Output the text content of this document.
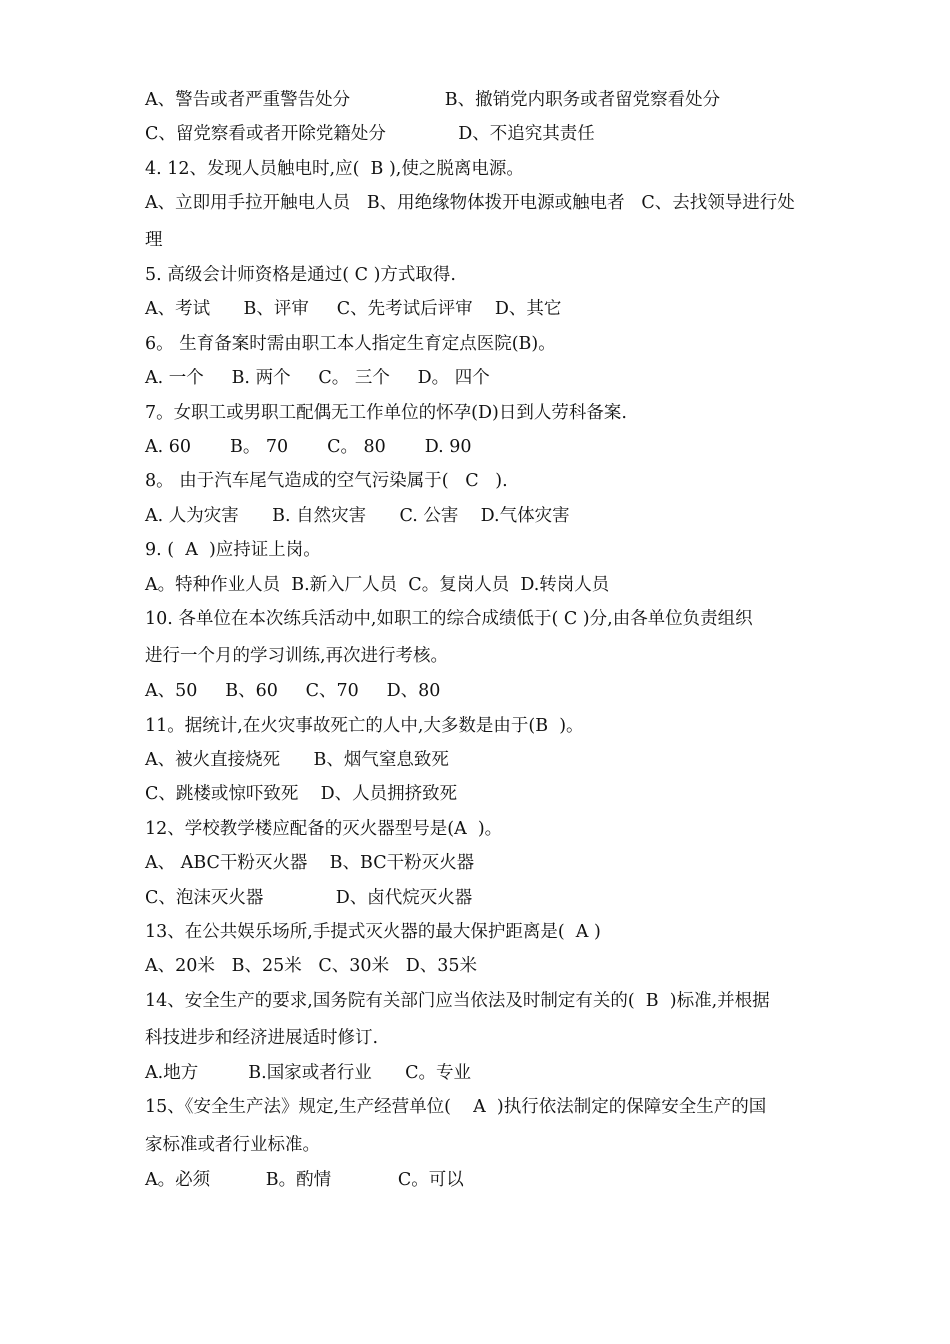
A、警告或者严重警告处分                 B、撤销党内职务或者留党察看处分
C、留党察看或者开除党籍处分             D、不追究其责任
4. 12、发现人员触电时,应(  B ),使之脱离电源。
A、立即用手拉开触电人员   B、用绝缘物体拨开电源或触电者   C、去找领导进行处
理
5. 高级会计师资格是通过( C )方式取得.
A、考试      B、评审     C、先考试后评审    D、其它
6。 生育备案时需由职工本人指定生育定点医院(B)。
A. 一个     B. 两个     C。 三个     D。 四个
7。女职工或男职工配偶无工作单位的怀孕(D)日到人劳科备案.
A. 60       B。 70       C。 80       D. 90
8。 由于汽车尾气造成的空气污染属于(   C   ).
A. 人为灾害      B. 自然灾害      C. 公害    D.气体灾害
9. (  A  )应持证上岗。
A。特种作业人员  B.新入厂人员  C。复岗人员  D.转岗人员
10. 各单位在本次练兵活动中,如职工的综合成绩低于( C )分,由各单位负责组织
进行一个月的学习训练,再次进行考核。
A、50     B、60     C、70     D、80
11。据统计,在火灾事故死亡的人中,大多数是由于(B  )。
A、被火直接烧死      B、烟气窒息致死
C、跳楼或惊吓致死    D、人员拥挤致死
12、学校教学楼应配备的灭火器型号是(A  )。
A、 ABC干粉灭火器    B、BC干粉灭火器
C、泡沫灭火器             D、卤代烷灭火器
13、在公共娱乐场所,手提式灭火器的最大保护距离是(  A )
A、20米   B、25米   C、30米   D、35米
14、安全生产的要求,国务院有关部门应当依法及时制定有关的(  B  )标准,并根据
科技进步和经济进展适时修订.
A.地方         B.国家或者行业      C。专业
15、《安全生产法》规定,生产经营单位(    A  )执行依法制定的保障安全生产的国
家标准或者行业标准。
A。必须          B。酌情            C。可以
